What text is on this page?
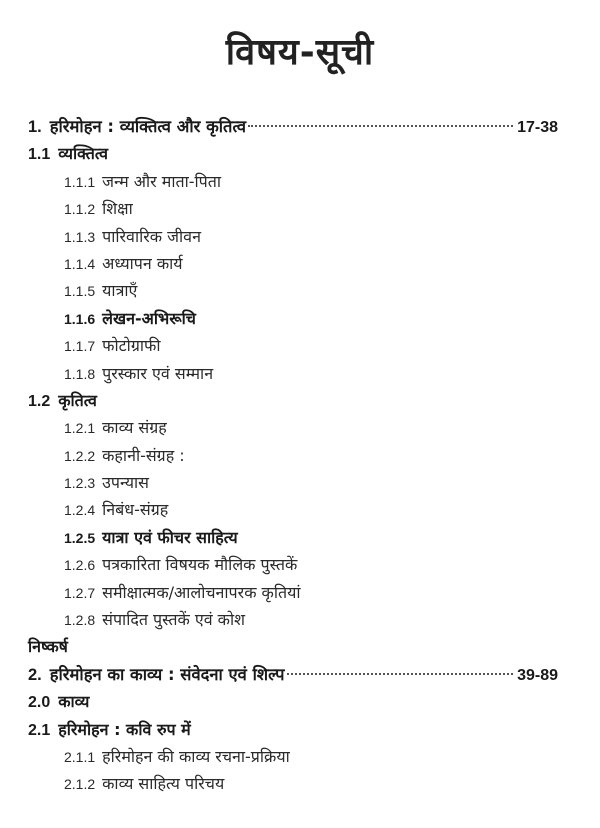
विषय-सूची
1. हरिमोहन : व्यक्तित्व और कृतित्व	17-38
1.1 व्यक्तित्व
1.1.1 जन्म और माता-पिता
1.1.2 शिक्षा
1.1.3 पारिवारिक जीवन
1.1.4 अध्यापन कार्य
1.1.5 यात्राएँ
1.1.6 लेखन-अभिरूचि
1.1.7 फोटोग्राफी
1.1.8 पुरस्कार एवं सम्मान
1.2 कृतित्व
1.2.1 काव्य संग्रह
1.2.2 कहानी-संग्रह :
1.2.3 उपन्यास
1.2.4 निबंध-संग्रह
1.2.5 यात्रा एवं फीचर साहित्य
1.2.6 पत्रकारिता विषयक मौलिक पुस्तकें
1.2.7 समीक्षात्मक/आलोचनापरक कृतियां
1.2.8 संपादित पुस्तकें एवं कोश
निष्कर्ष
2. हरिमोहन का काव्य : संवेदना एवं शिल्प	39-89
2.0 काव्य
2.1 हरिमोहन : कवि रुप में
2.1.1 हरिमोहन की काव्य रचना-प्रक्रिया
2.1.2 काव्य साहित्य परिचय
